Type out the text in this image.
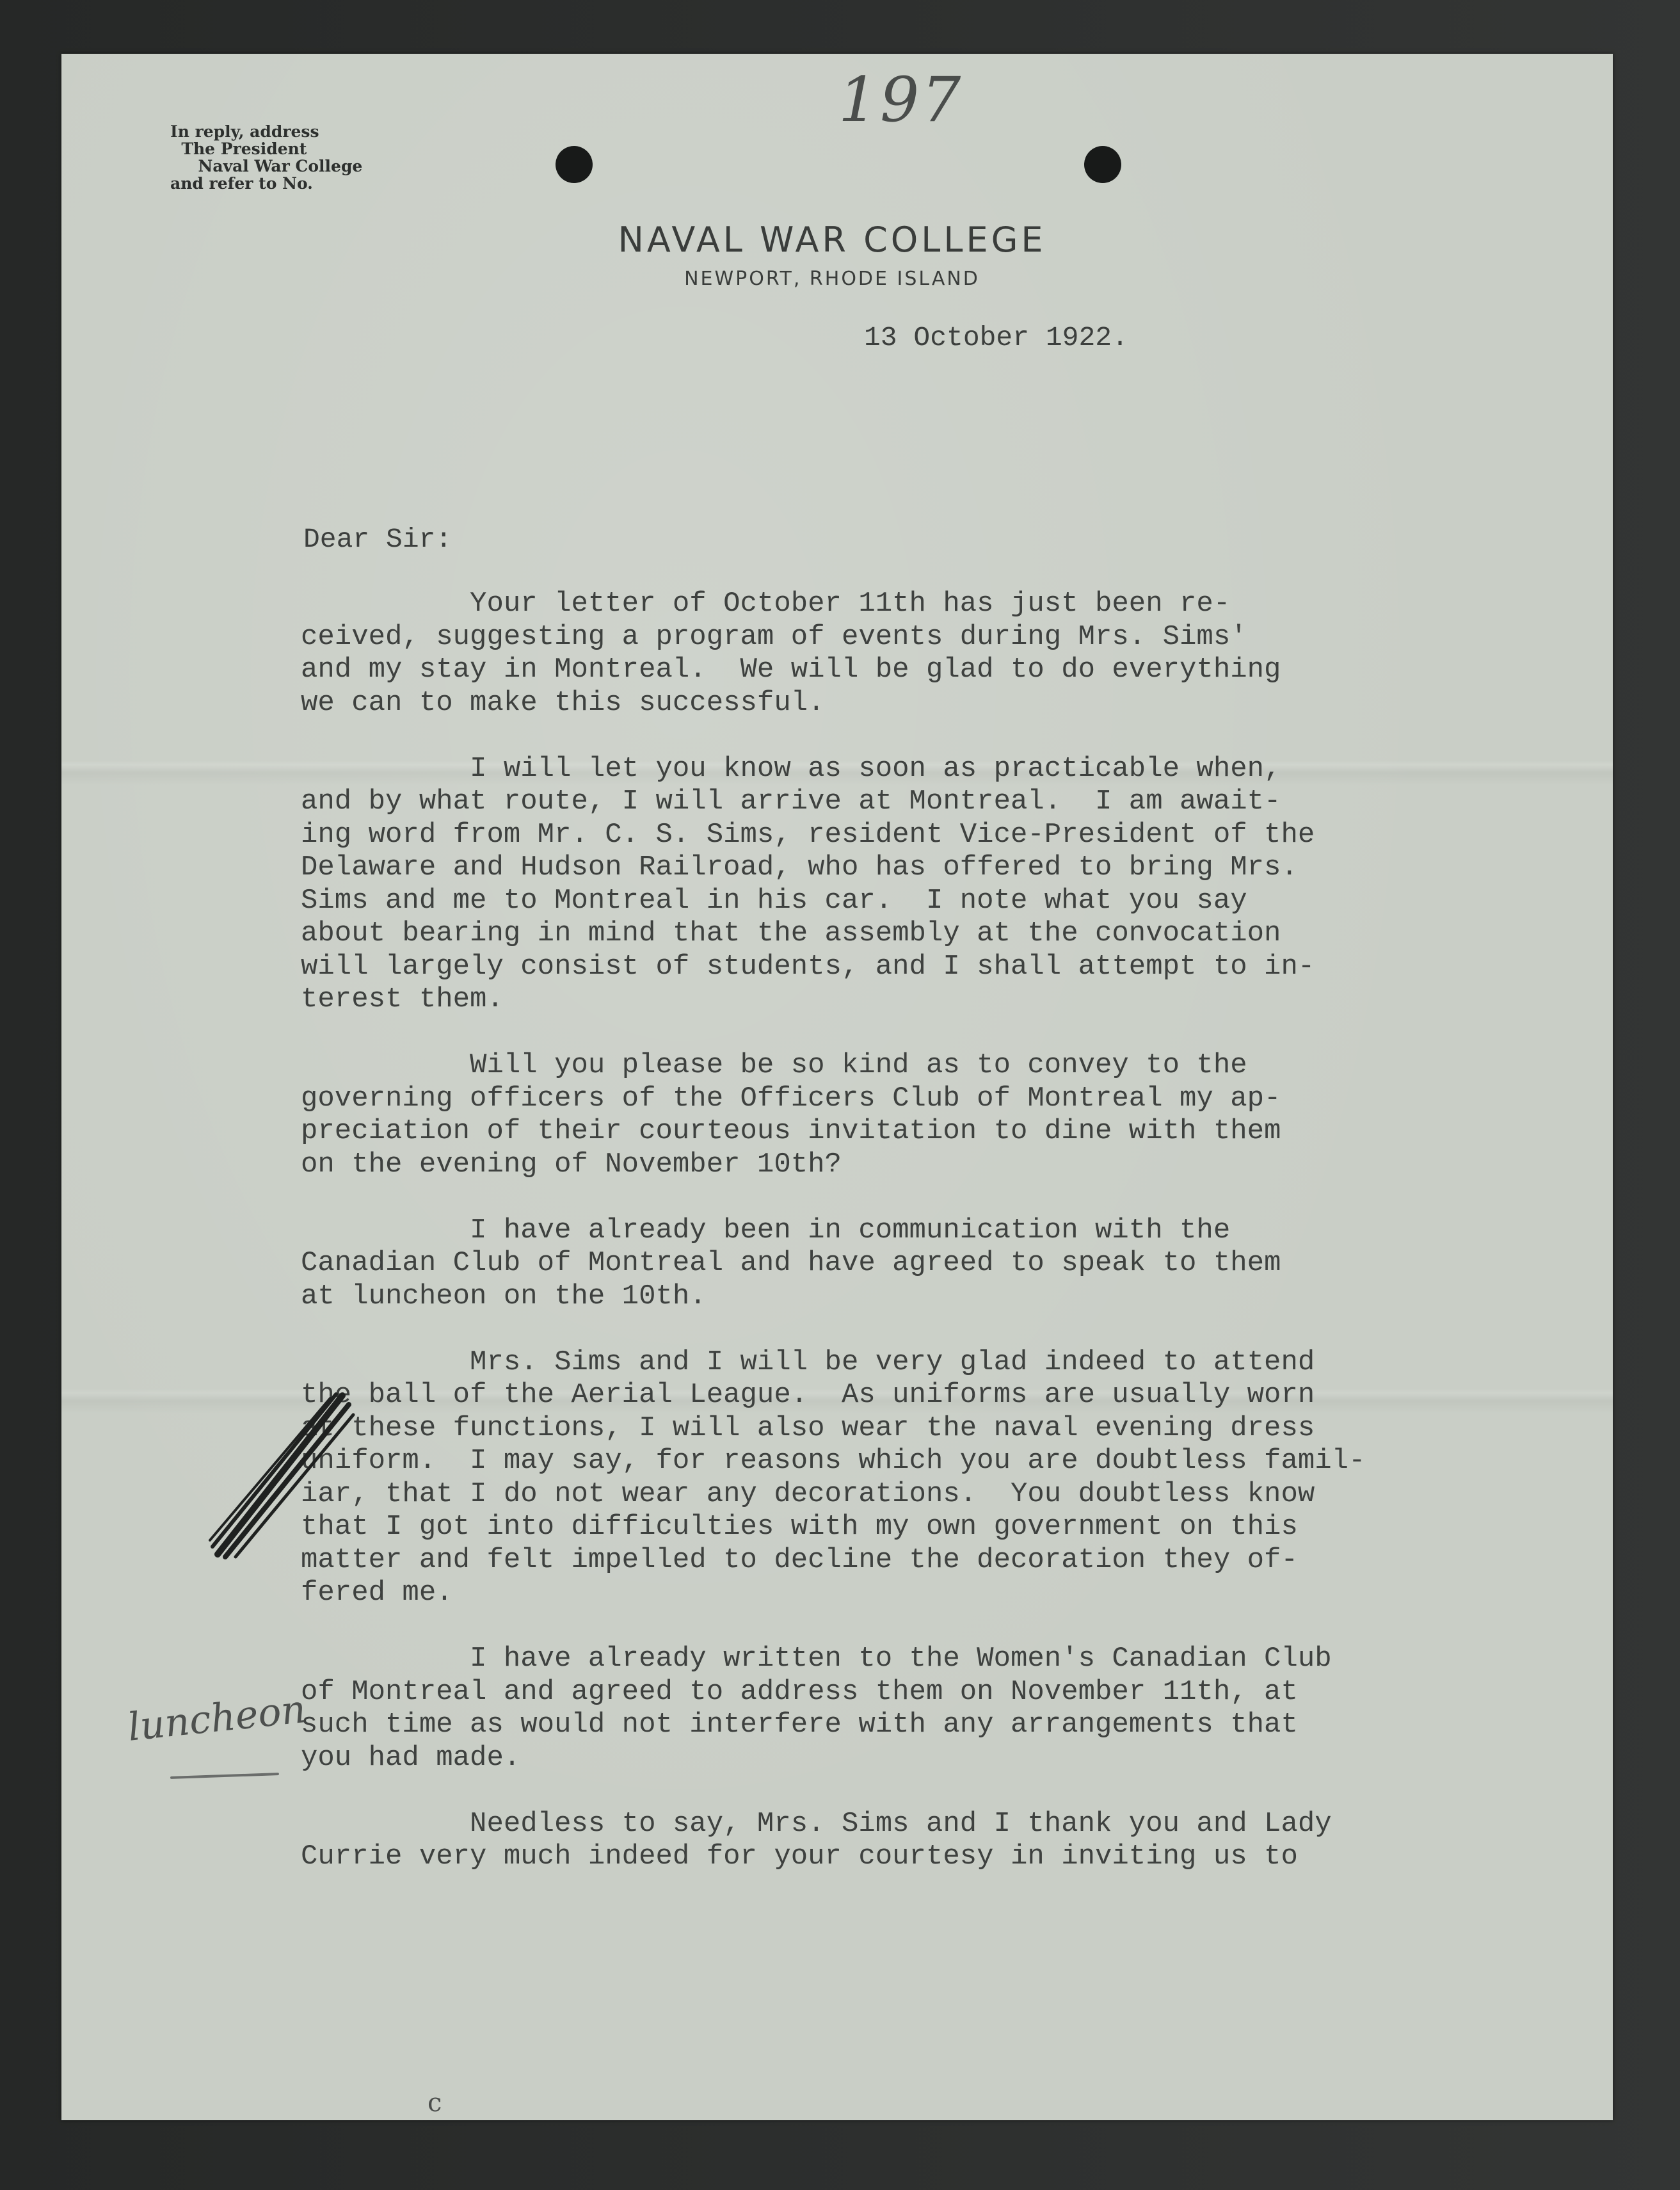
In reply, address
The President
Naval War College
and refer to No.
197
NAVAL WAR COLLEGE
NEWPORT, RHODE ISLAND
13 October 1922.
Dear Sir:

Your letter of October 11th has just been re-
ceived, suggesting a program of events during Mrs. Sims'
and my stay in Montreal.  We will be glad to do everything
we can to make this successful.

I will let you know as soon as practicable when,
and by what route, I will arrive at Montreal.  I am await-
ing word from Mr. C. S. Sims, resident Vice-President of the
Delaware and Hudson Railroad, who has offered to bring Mrs.
Sims and me to Montreal in his car.  I note what you say
about bearing in mind that the assembly at the convocation
will largely consist of students, and I shall attempt to in-
terest them.

Will you please be so kind as to convey to the
governing officers of the Officers Club of Montreal my ap-
preciation of their courteous invitation to dine with them
on the evening of November 10th?

I have already been in communication with the
Canadian Club of Montreal and have agreed to speak to them
at luncheon on the 10th.

Mrs. Sims and I will be very glad indeed to attend
the ball of the Aerial League.  As uniforms are usually worn
at these functions, I will also wear the naval evening dress
uniform.  I may say, for reasons which you are doubtless famil-
iar, that I do not wear any decorations.  You doubtless know
that I got into difficulties with my own government on this
matter and felt impelled to decline the decoration they of-
fered me.

I have already written to the Women's Canadian Club
of Montreal and agreed to address them on November 11th, at
such time as would not interfere with any arrangements that
you had made.

Needless to say, Mrs. Sims and I thank you and Lady
Currie very much indeed for your courtesy in inviting us to

luncheon
c
